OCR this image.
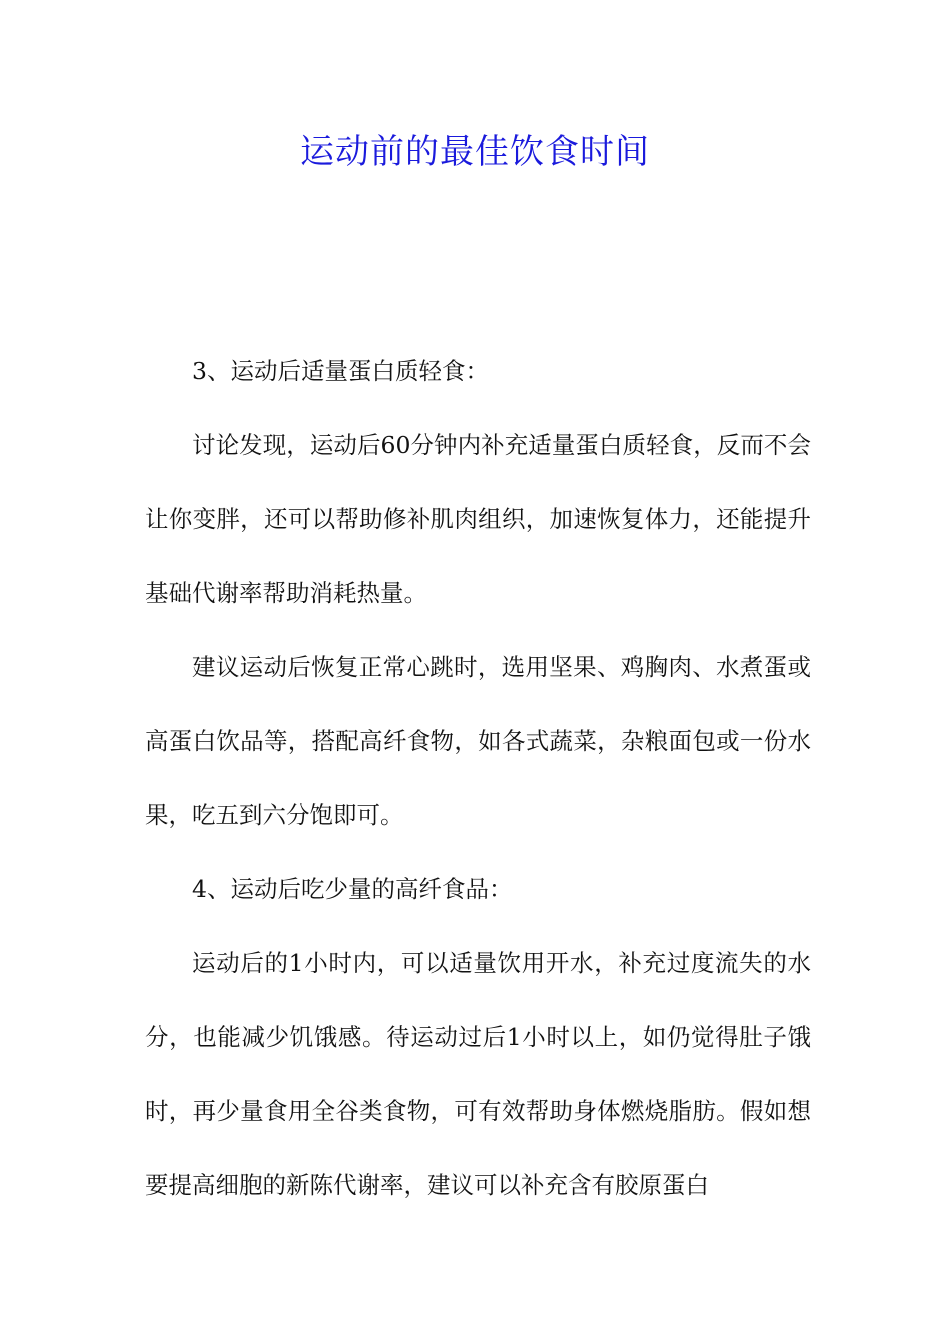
运动前的最佳饮食时间

3、运动后适量蛋白质轻食：

讨论发现，运动后60分钟内补充适量蛋白质轻食，反而不会让你变胖，还可以帮助修补肌肉组织，加速恢复体力，还能提升基础代谢率帮助消耗热量。

建议运动后恢复正常心跳时，选用坚果、鸡胸肉、水煮蛋或高蛋白饮品等，搭配高纤食物，如各式蔬菜，杂粮面包或一份水果，吃五到六分饱即可。

4、运动后吃少量的高纤食品：

运动后的1小时内，可以适量饮用开水，补充过度流失的水分，也能减少饥饿感。待运动过后1小时以上，如仍觉得肚子饿时，再少量食用全谷类食物，可有效帮助身体燃烧脂肪。假如想要提高细胞的新陈代谢率，建议可以补充含有胶原蛋白
